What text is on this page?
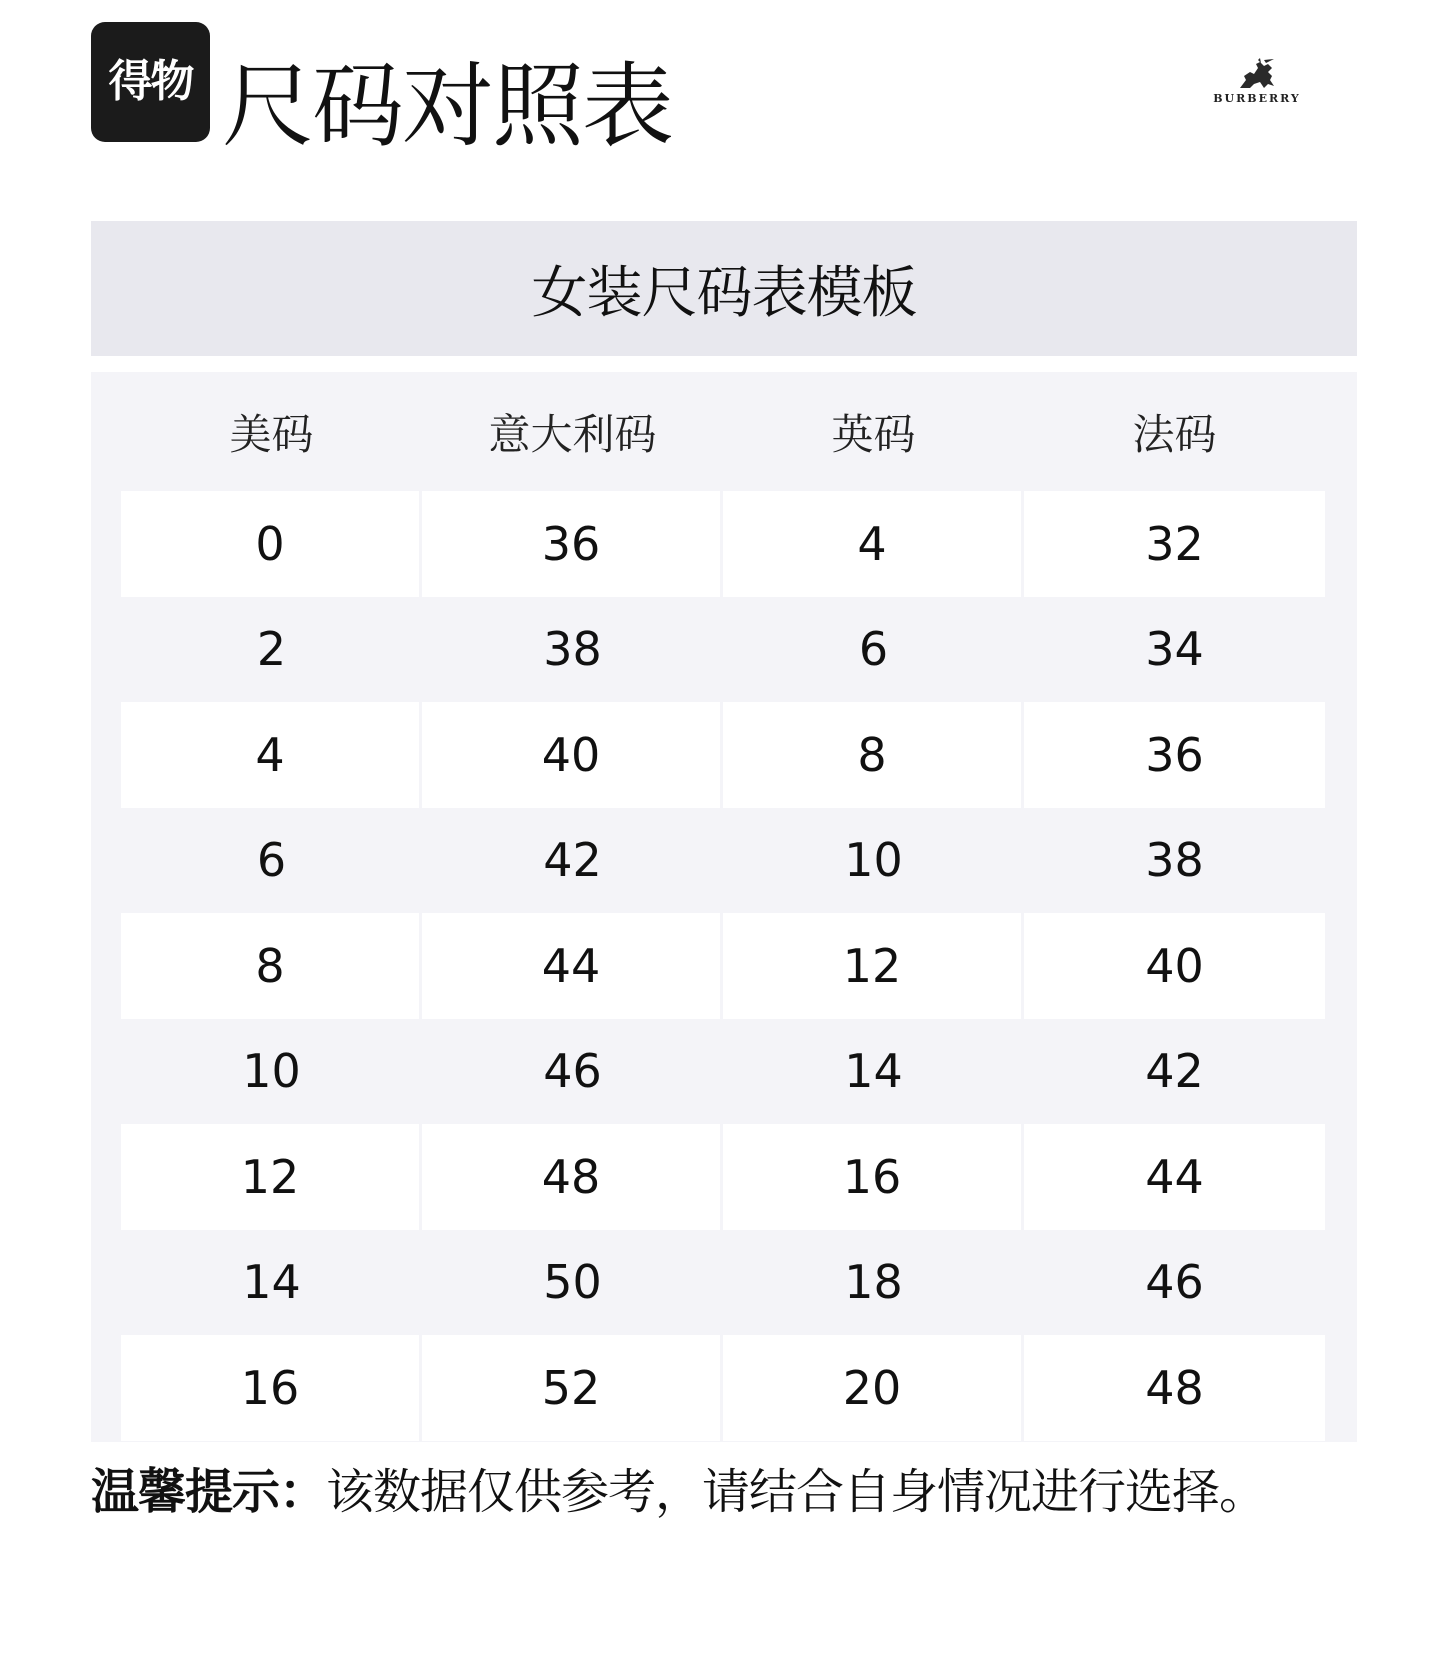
得物 尺码对照表	BURBERRY
女装尺码表模板
美码	意大利码	英码	法码
0	36	4	32
2	38	6	34
4	40	8	36
6	42	10	38
8	44	12	40
10	46	14	42
12	48	16	44
14	50	18	46
16	52	20	48
温馨提示：该数据仅供参考，请结合自身情况进行选择。
